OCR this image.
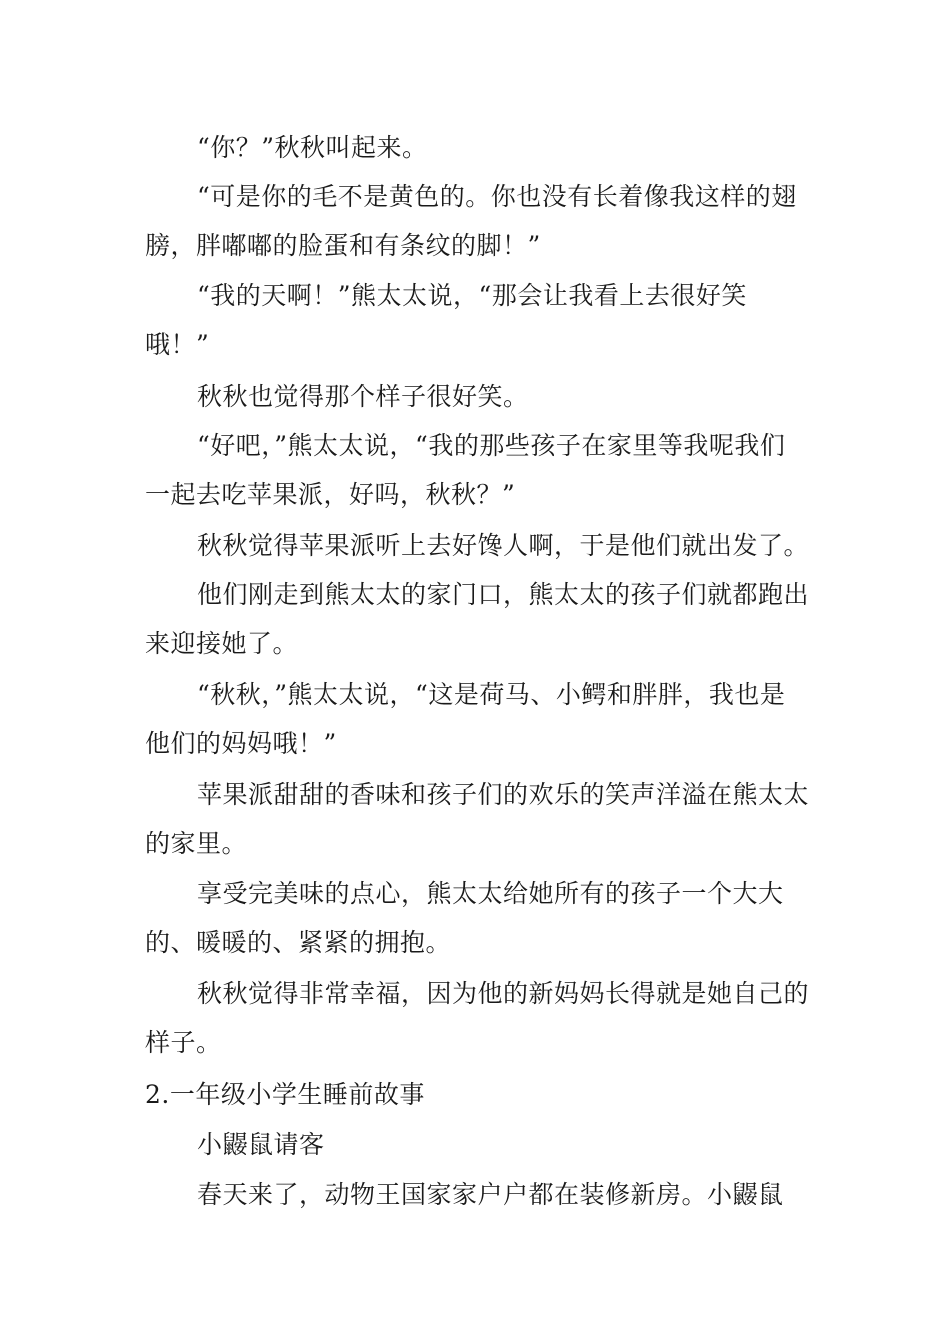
“你？”秋秋叫起来。

“可是你的毛不是黄色的。你也没有长着像我这样的翅膀，胖嘟嘟的脸蛋和有条纹的脚！”

“我的天啊！”熊太太说，“那会让我看上去很好笑哦！”

秋秋也觉得那个样子很好笑。

“好吧，”熊太太说，“我的那些孩子在家里等我呢我们一起去吃苹果派，好吗，秋秋？”

秋秋觉得苹果派听上去好馋人啊，于是他们就出发了。

他们刚走到熊太太的家门口，熊太太的孩子们就都跑出来迎接她了。

“秋秋，”熊太太说，“这是荷马、小鳄和胖胖，我也是他们的妈妈哦！”

苹果派甜甜的香味和孩子们的欢乐的笑声洋溢在熊太太的家里。

享受完美味的点心，熊太太给她所有的孩子一个大大的、暖暖的、紧紧的拥抱。

秋秋觉得非常幸福，因为他的新妈妈长得就是她自己的样子。

2.一年级小学生睡前故事

小鼹鼠请客

春天来了，动物王国家家户户都在装修新房。小鼹鼠
